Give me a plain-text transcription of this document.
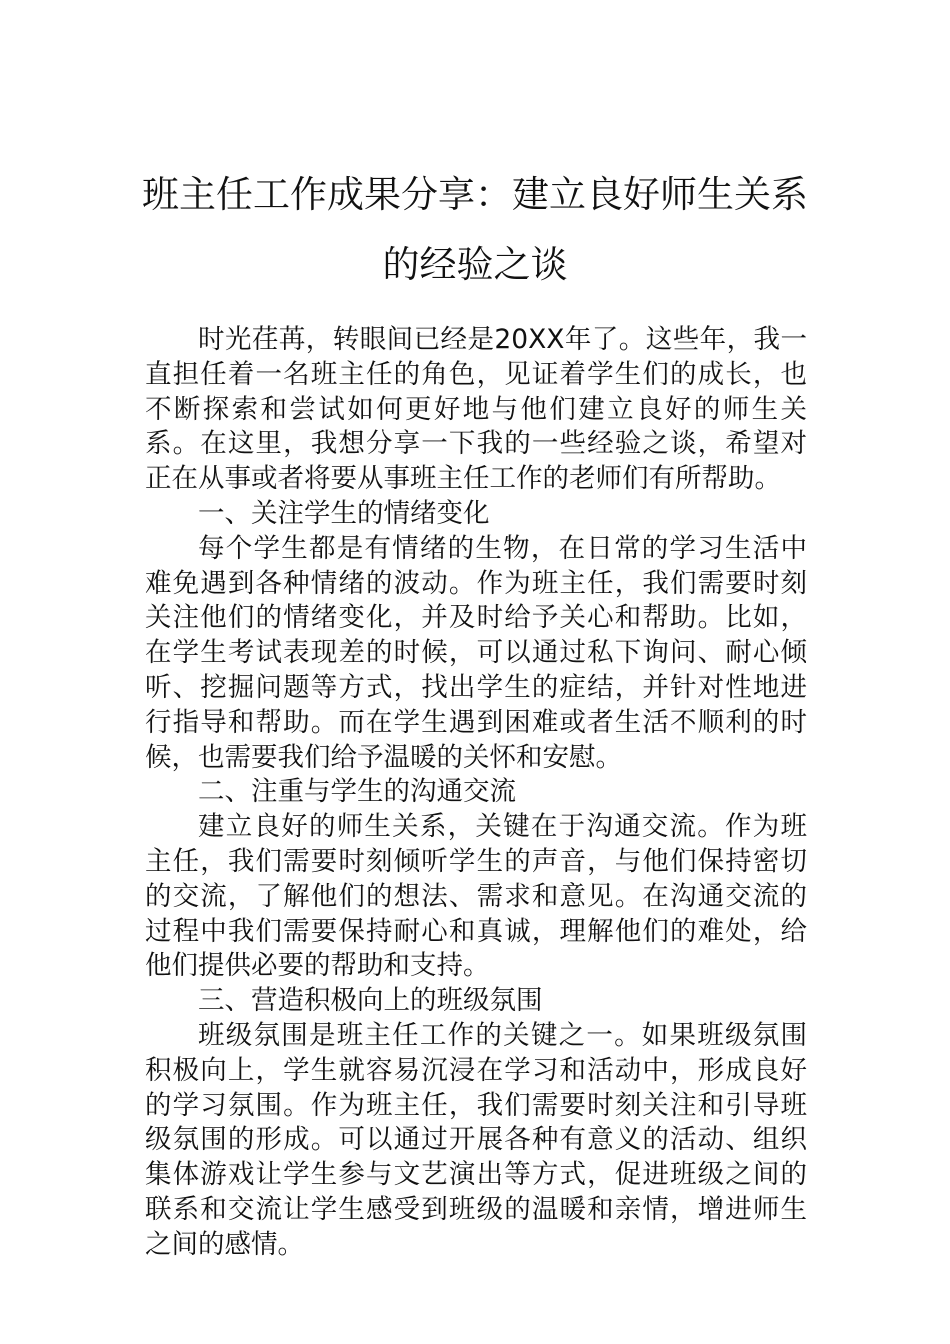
班主任工作成果分享：建立良好师生关系
的经验之谈

时光荏苒，转眼间已经是20XX年了。这些年，我一直担任着一名班主任的角色，见证着学生们的成长，也不断探索和尝试如何更好地与他们建立良好的师生关系。在这里，我想分享一下我的一些经验之谈，希望对正在从事或者将要从事班主任工作的老师们有所帮助。

一、关注学生的情绪变化

每个学生都是有情绪的生物，在日常的学习生活中难免遇到各种情绪的波动。作为班主任，我们需要时刻关注他们的情绪变化，并及时给予关心和帮助。比如，在学生考试表现差的时候，可以通过私下询问、耐心倾听、挖掘问题等方式，找出学生的症结，并针对性地进行指导和帮助。而在学生遇到困难或者生活不顺利的时候，也需要我们给予温暖的关怀和安慰。

二、注重与学生的沟通交流

建立良好的师生关系，关键在于沟通交流。作为班主任，我们需要时刻倾听学生的声音，与他们保持密切的交流，了解他们的想法、需求和意见。在沟通交流的过程中我们需要保持耐心和真诚，理解他们的难处，给他们提供必要的帮助和支持。

三、营造积极向上的班级氛围

班级氛围是班主任工作的关键之一。如果班级氛围积极向上，学生就容易沉浸在学习和活动中，形成良好的学习氛围。作为班主任，我们需要时刻关注和引导班级氛围的形成。可以通过开展各种有意义的活动、组织集体游戏让学生参与文艺演出等方式，促进班级之间的联系和交流让学生感受到班级的温暖和亲情，增进师生之间的感情。
